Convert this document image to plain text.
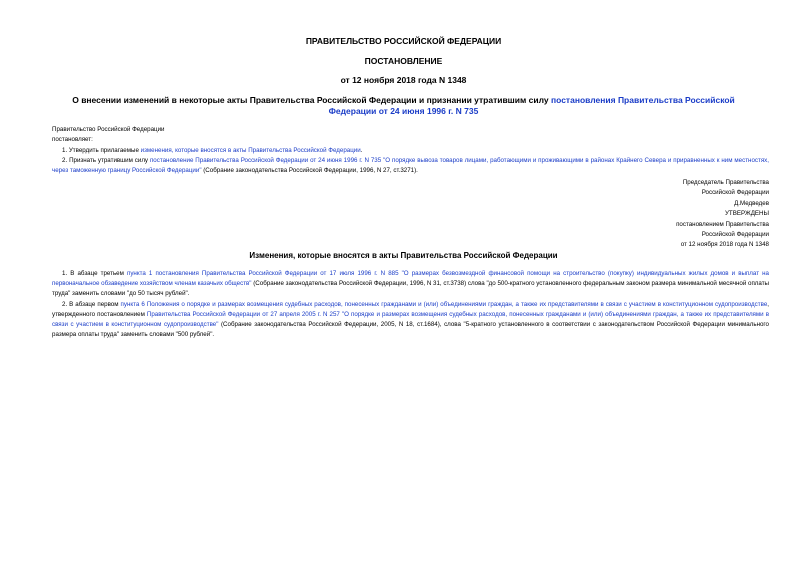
ПРАВИТЕЛЬСТВО РОССИЙСКОЙ ФЕДЕРАЦИИ
ПОСТАНОВЛЕНИЕ
от 12 ноября 2018 года N 1348
О внесении изменений в некоторые акты Правительства Российской Федерации и признании утратившим силу постановления Правительства Российской Федерации от 24 июня 1996 г. N 735
Правительство Российской Федерации
постановляет:
1. Утвердить прилагаемые изменения, которые вносятся в акты Правительства Российской Федерации.
2. Признать утратившим силу постановление Правительства Российской Федерации от 24 июня 1996 г. N 735 "О порядке вывоза товаров лицами, работающими и проживающими в районах Крайнего Севера и приравненных к ним местностях, через таможенную границу Российской Федерации" (Собрание законодательства Российской Федерации, 1996, N 27, ст.3271).
Председатель Правительства
Российской Федерации
Д.Медведев
УТВЕРЖДЕНЫ
постановлением Правительства
Российской Федерации
от 12 ноября 2018 года N 1348
Изменения, которые вносятся в акты Правительства Российской Федерации
1. В абзаце третьем пункта 1 постановления Правительства Российской Федерации от 17 июля 1996 г. N 885 "О размерах безвозмездной финансовой помощи на строительство (покупку) индивидуальных жилых домов и выплат на первоначальное обзаведение хозяйством членам казачьих обществ" (Собрание законодательства Российской Федерации, 1996, N 31, ст.3738) слова "до 500-кратного установленного федеральным законом размера минимальной месячной оплаты труда" заменить словами "до 50 тысяч рублей".
2. В абзаце первом пункта 6 Положения о порядке и размерах возмещения судебных расходов, понесенных гражданами и (или) объединениями граждан, а также их представителями в связи с участием в конституционном судопроизводстве, утвержденного постановлением Правительства Российской Федерации от 27 апреля 2005 г. N 257 "О порядке и размерах возмещения судебных расходов, понесенных гражданами и (или) объединениями граждан, а также их представителями в связи с участием в конституционном судопроизводстве" (Собрание законодательства Российской Федерации, 2005, N 18, ст.1684), слова "5-кратного установленного в соответствии с законодательством Российской Федерации минимального размера оплаты труда" заменить словами "500 рублей".
